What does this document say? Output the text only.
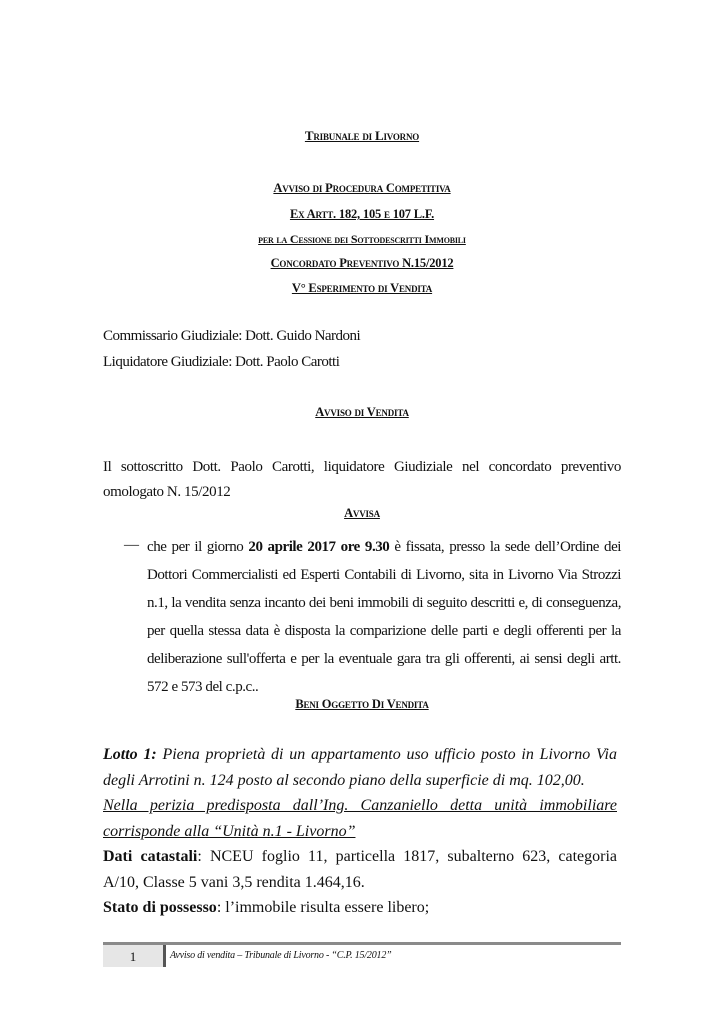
Tribunale di Livorno
Avviso di Procedura Competitiva
Ex Artt. 182, 105 e 107 L.F.
per la Cessione dei Sottodescritti Immobili
Concordato Preventivo N.15/2012
V° Esperimento di Vendita
Commissario Giudiziale: Dott. Guido Nardoni
Liquidatore Giudiziale: Dott. Paolo Carotti
Avviso di Vendita
Il sottoscritto Dott. Paolo Carotti, liquidatore Giudiziale nel concordato preventivo omologato N. 15/2012
Avvisa
— che per il giorno 20 aprile 2017 ore 9.30 è fissata, presso la sede dell’Ordine dei Dottori Commercialisti ed Esperti Contabili di Livorno, sita in Livorno Via Strozzi n.1, la vendita senza incanto dei beni immobili di seguito descritti e, di conseguenza, per quella stessa data è disposta la comparizione delle parti e degli offerenti per la deliberazione sull'offerta e per la eventuale gara tra gli offerenti, ai sensi degli artt. 572 e 573 del c.p.c..
Beni Oggetto Di Vendita
Lotto 1: Piena proprietà di un appartamento uso ufficio posto in Livorno Via degli Arrotini n. 124 posto al secondo piano della superficie di mq. 102,00.
Nella perizia predisposta dall’Ing. Canzaniello detta unità immobiliare corrisponde alla “Unità n.1 - Livorno”
Dati catastali: NCEU foglio 11, particella 1817, subalterno 623, categoria A/10, Classe 5 vani 3,5 rendita 1.464,16.
Stato di possesso: l’immobile risulta essere libero;
1	Avviso di vendita – Tribunale di Livorno - “C.P. 15/2012”
